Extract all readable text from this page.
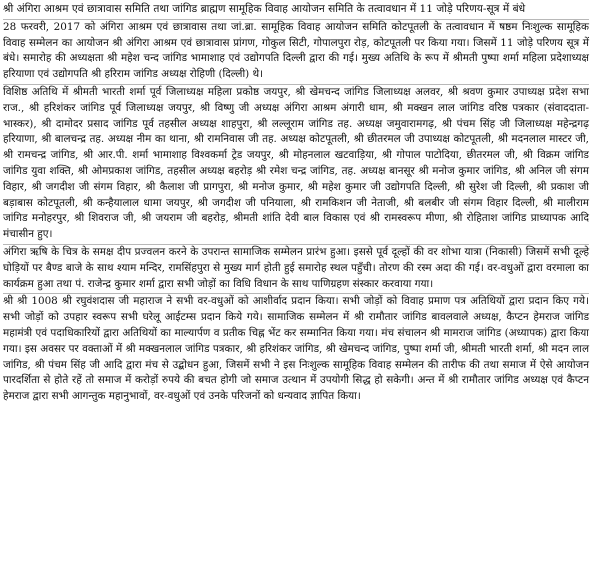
श्री अंगिरा आश्रम एवं छात्रावास समिति तथा जांगिड ब्राह्मण सामूहिक विवाह आयोजन समिति के तत्वावधान में 11 जोड़े परिणय-सूत्र में बंधे

28 फरवरी, 2017 को अंगिरा आश्रम एवं छात्रावास तथा जां.ब्रा. सामूहिक विवाह आयोजन समिति कोटपूतली के तत्वावधान में षष्ठम निःशुल्क सामूहिक विवाह सम्मेलन का आयोजन श्री अंगिरा आश्रम एवं छात्रावास प्रांगण, गोकुल सिटी, गोपालपुरा रोड़, कोटपूतली पर किया गया। जिसमें 11 जोड़े परिणय सूत्र में बंधे। समारोह की अध्यक्षता श्री महेश चन्द जांगिड भामाशाह एवं उद्योगपति दिल्ली द्वारा की गई। मुख्य अतिथि के रूप में श्रीमती पुष्पा शर्मा महिला प्रदेशाध्यक्ष हरियाणा एवं उद्योगपति श्री हरिराम जांगिड अध्यक्ष रोहिणी (दिल्ली) थे।

विशिष्ठ अतिथि में श्रीमती भारती शर्मा पूर्व जिलाध्यक्ष महिला प्रकोष्ठ जयपुर, श्री खेमचन्द जांगिड जिलाध्यक्ष अलवर, श्री श्रवण कुमार उपाध्यक्ष प्रदेश सभा राज., श्री हरिशंकर जांगिड पूर्व जिलाध्यक्ष जयपुर, श्री विष्णु जी अध्यक्ष अंगिरा आश्रम अंगारी धाम, श्री मक्खन लाल जांगिड वरिष्ठ पत्रकार (संवाददाता-भास्कर), श्री दामोदर प्रसाद जांगिड पूर्व तहसील अध्यक्ष शाहपुरा, श्री लल्लूराम जांगिड तह. अध्यक्ष जमुवारामगढ़, श्री पंचम सिंह जी जिलाध्यक्ष महेन्द्रगढ़ हरियाणा, श्री बालचन्द्र तह. अध्यक्ष नीम का थाना, श्री रामनिवास जी तह. अध्यक्ष कोटपूतली, श्री छीतरमल जी उपाध्यक्ष कोटपूतली, श्री मदनलाल मास्टर जी, श्री रामचन्द्र जांगिड, श्री आर.पी. शर्मा भामाशाह विश्वकर्मा ट्रेड जयपुर, श्री मोहनलाल खटवाड़िया, श्री गोपाल पाटोदिया, छीतरमल जी, श्री विक्रम जांगिड जांगिड युवा शक्ति, श्री ओमप्रकाश जांगिड, तहसील अध्यक्ष बहरोड़ श्री रमेश चन्द्र जांगिड, तह. अध्यक्ष बानसूर श्री मनोज कुमार जांगिड, श्री अनिल जी संगम विहार, श्री जगदीश जी संगम विहार, श्री कैलाश जी प्रागपुरा, श्री मनोज कुमार, श्री महेश कुमार जी उद्योगपति दिल्ली, श्री सुरेश जी दिल्ली, श्री प्रकाश जी बड़ाबास कोटपूतली, श्री कन्हैयालाल धामा जयपुर, श्री जगदीश जी पनियाला, श्री रामकिशन जी नेताजी, श्री बलबीर जी संगम विहार दिल्ली, श्री मालीराम जांगिड मनोहरपुर, श्री शिवराज जी, श्री जयराम जी बहरोड़, श्रीमती शांति देवी बाल विकास एवं श्री रामस्वरूप मीणा, श्री रोहिताश जांगिड प्राध्यापक आदि मंचासीन हुए।

अंगिरा ऋषि के चित्र के समक्ष दीप प्रज्वलन करने के उपरान्त सामाजिक सम्मेलन प्रारंभ हुआ। इससे पूर्व दूल्हों की वर शोभा यात्रा (निकासी) जिसमें सभी दूल्हे घोड़ियों पर बैण्ड बाजे के साथ श्याम मन्दिर, रामसिंहपुरा से मुख्य मार्ग होती हुई समारोह स्थल पहुँची। तोरण की रस्म अदा की गई। वर-वधुओं द्वारा वरमाला का कार्यक्रम हुआ तथा पं. राजेन्द्र कुमार शर्मा द्वारा सभी जोड़ों का विधि विधान के साथ पाणिग्रहण संस्कार करवाया गया।

श्री श्री 1008 श्री रघुवंशदास जी महाराज ने सभी वर-वधुओं को आशीर्वाद प्रदान किया। सभी जोड़ों को विवाह प्रमाण पत्र अतिथियों द्वारा प्रदान किए गये। सभी जोड़ों को उपहार स्वरूप सभी घरेलू आईटम्स प्रदान किये गये। सामाजिक सम्मेलन में श्री रामौतार जांगिड बावलवाले अध्यक्ष, कैप्टन हेमराज जांगिड महामंत्री एवं पदाधिकारियों द्वारा अतिथियों का माल्यार्पण व प्रतीक चिह्न भेंट कर सम्मानित किया गया। मंच संचालन श्री मामराज जांगिड (अध्यापक) द्वारा किया गया। इस अवसर पर वक्ताओं में श्री मक्खनलाल जांगिड पत्रकार, श्री हरिशंकर जांगिड, श्री खेमचन्द जांगिड, पुष्पा शर्मा जी, श्रीमती भारती शर्मा, श्री मदन लाल जांगिड, श्री पंचम सिंह जी आदि द्वारा मंच से उद्बोधन हुआ, जिसमें सभी ने इस निःशुल्क सामूहिक विवाह सम्मेलन की तारीफ की तथा समाज में ऐसे आयोजन पारदर्शिता से होते रहें तो समाज में करोड़ों रुपये की बचत होगी जो समाज उत्थान में उपयोगी सिद्ध हो सकेगी। अन्त में श्री रामौतार जांगिड अध्यक्ष एवं कैप्टन हेमराज द्वारा सभी आगन्तुक महानुभावों, वर-वधुओं एवं उनके परिजनों को धन्यवाद ज्ञापित किया।
